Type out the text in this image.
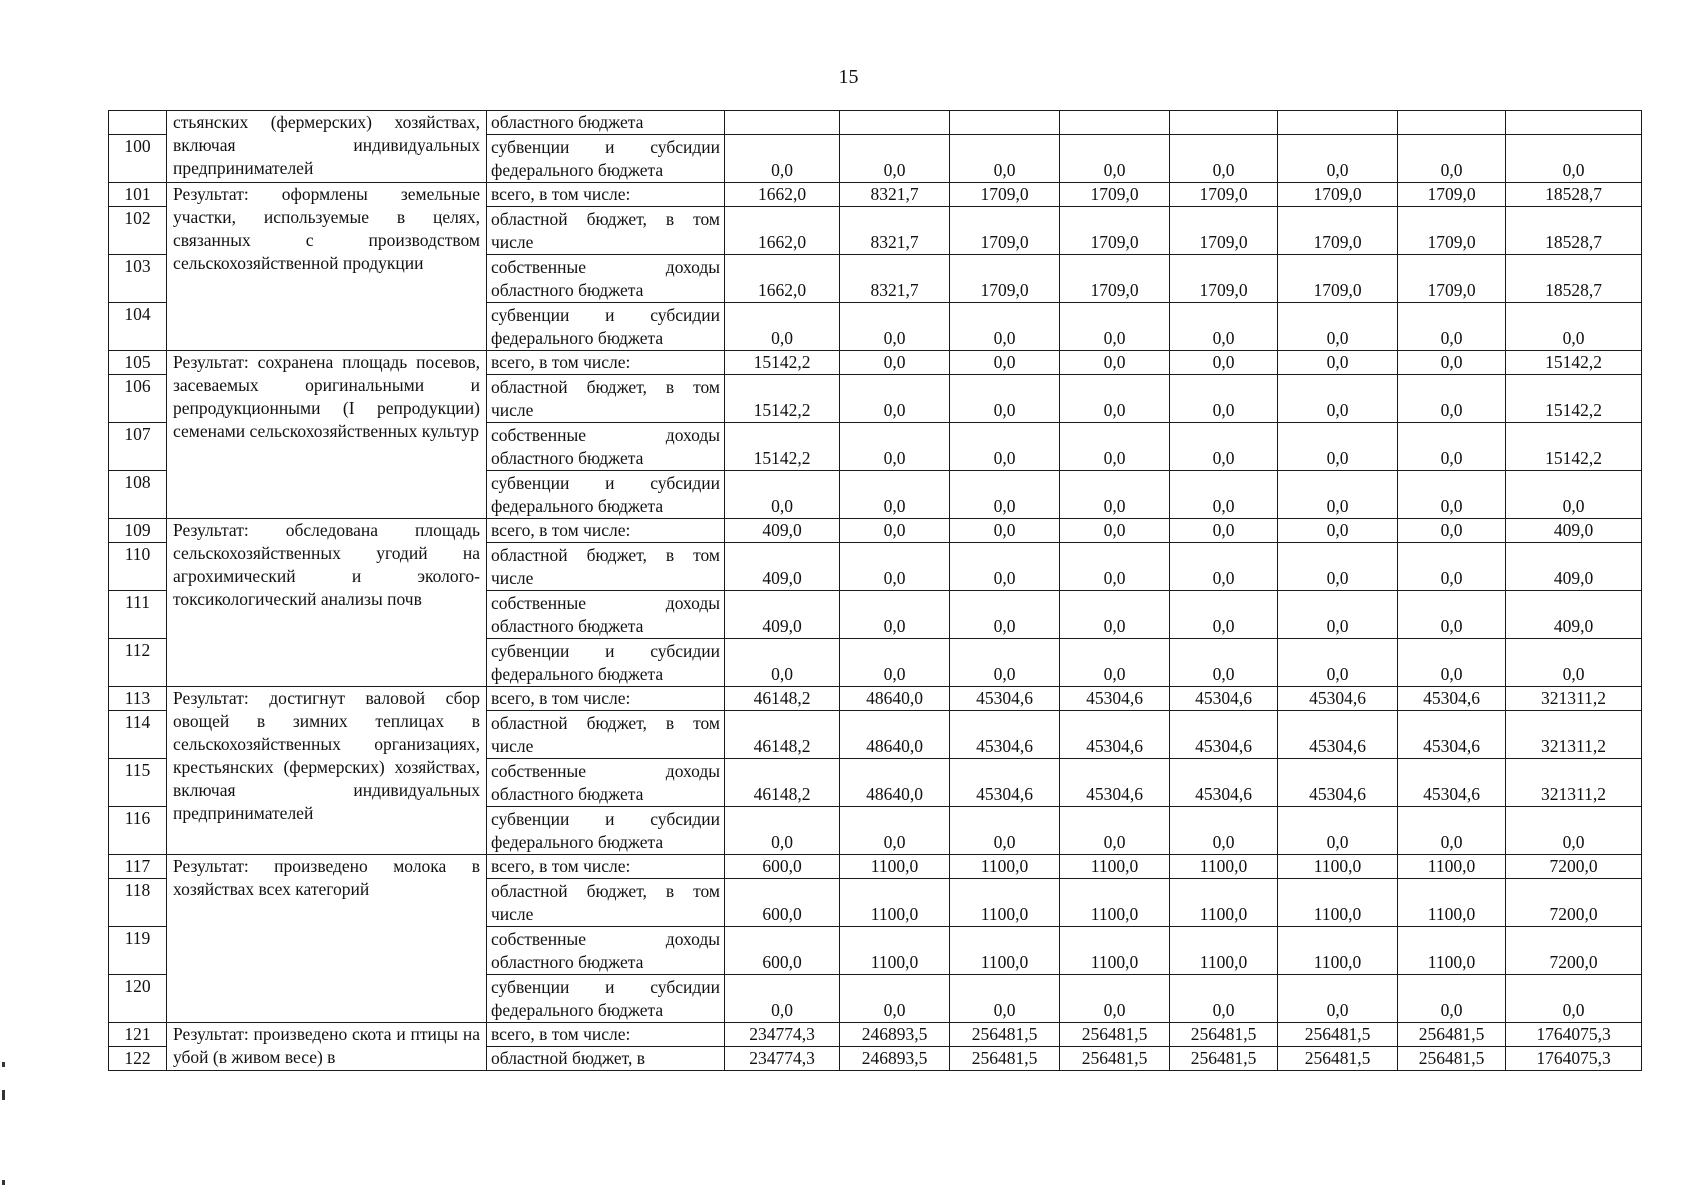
15
	стьянских (фермерских) хозяйствах, включая индивидуальных предпринимателей	областного бюджета								
100		субвенции и субсидии федерального бюджета	0,0	0,0	0,0	0,0	0,0	0,0	0,0	0,0
101	Результат: оформлены земельные участки, используемые в целях, связанных с производством сельскохозяйственной продукции	всего, в том числе:	1662,0	8321,7	1709,0	1709,0	1709,0	1709,0	1709,0	18528,7
102		областной бюджет, в том числе	1662,0	8321,7	1709,0	1709,0	1709,0	1709,0	1709,0	18528,7
103		собственные доходы областного бюджета	1662,0	8321,7	1709,0	1709,0	1709,0	1709,0	1709,0	18528,7
104		субвенции и субсидии федерального бюджета	0,0	0,0	0,0	0,0	0,0	0,0	0,0	0,0
105	Результат: сохранена площадь посевов, засеваемых оригинальными и репродукционными (I репродукции) семенами сельскохозяйственных культур	всего, в том числе:	15142,2	0,0	0,0	0,0	0,0	0,0	0,0	15142,2
106		областной бюджет, в том числе	15142,2	0,0	0,0	0,0	0,0	0,0	0,0	15142,2
107		собственные доходы областного бюджета	15142,2	0,0	0,0	0,0	0,0	0,0	0,0	15142,2
108		субвенции и субсидии федерального бюджета	0,0	0,0	0,0	0,0	0,0	0,0	0,0	0,0
109	Результат: обследована площадь сельскохозяйственных угодий на агрохимический и эколого-токсикологический анализы почв	всего, в том числе:	409,0	0,0	0,0	0,0	0,0	0,0	0,0	409,0
110		областной бюджет, в том числе	409,0	0,0	0,0	0,0	0,0	0,0	0,0	409,0
111		собственные доходы областного бюджета	409,0	0,0	0,0	0,0	0,0	0,0	0,0	409,0
112		субвенции и субсидии федерального бюджета	0,0	0,0	0,0	0,0	0,0	0,0	0,0	0,0
113	Результат: достигнут валовой сбор овощей в зимних теплицах в сельскохозяйственных организациях, крестьянских (фермерских) хозяйствах, включая индивидуальных предпринимателей	всего, в том числе:	46148,2	48640,0	45304,6	45304,6	45304,6	45304,6	45304,6	321311,2
114		областной бюджет, в том числе	46148,2	48640,0	45304,6	45304,6	45304,6	45304,6	45304,6	321311,2
115		собственные доходы областного бюджета	46148,2	48640,0	45304,6	45304,6	45304,6	45304,6	45304,6	321311,2
116		субвенции и субсидии федерального бюджета	0,0	0,0	0,0	0,0	0,0	0,0	0,0	0,0
117	Результат: произведено молока в хозяйствах всех категорий	всего, в том числе:	600,0	1100,0	1100,0	1100,0	1100,0	1100,0	1100,0	7200,0
118		областной бюджет, в том числе	600,0	1100,0	1100,0	1100,0	1100,0	1100,0	1100,0	7200,0
119		собственные доходы областного бюджета	600,0	1100,0	1100,0	1100,0	1100,0	1100,0	1100,0	7200,0
120		субвенции и субсидии федерального бюджета	0,0	0,0	0,0	0,0	0,0	0,0	0,0	0,0
121	Результат: произведено скота и птицы на убой (в живом весе) в	всего, в том числе:	234774,3	246893,5	256481,5	256481,5	256481,5	256481,5	256481,5	1764075,3
122		областной бюджет, в	234774,3	246893,5	256481,5	256481,5	256481,5	256481,5	256481,5	1764075,3
